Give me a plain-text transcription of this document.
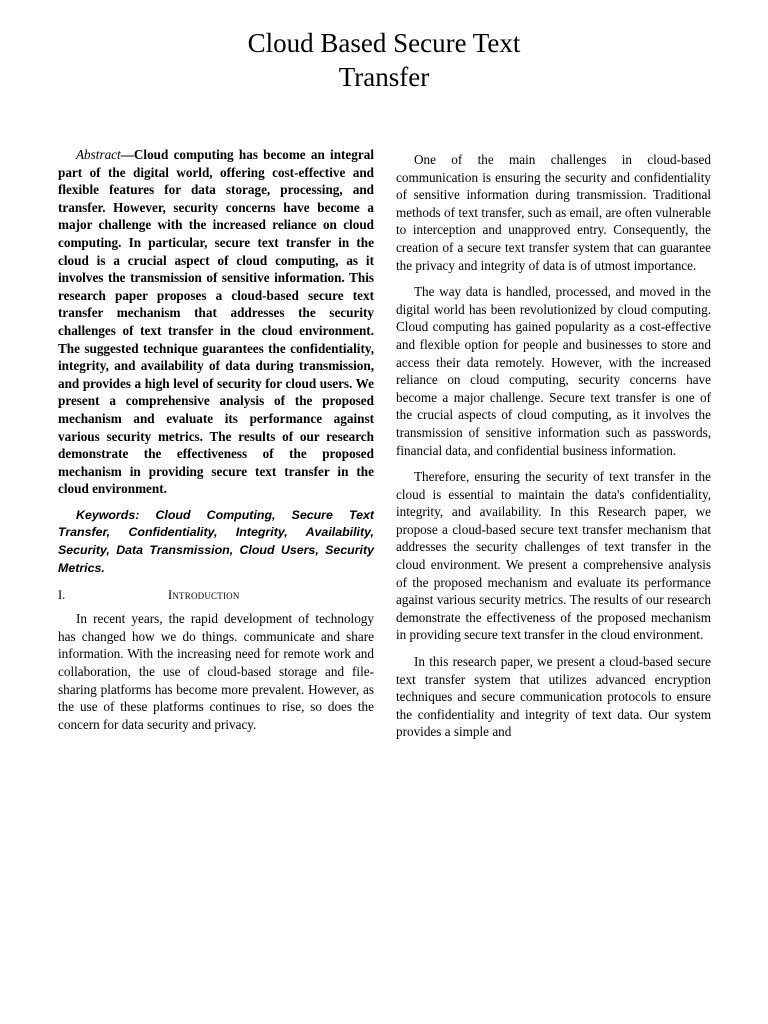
Cloud Based Secure Text
Transfer

Abstract—Cloud computing has become an integral part of the digital world, offering cost-effective and flexible features for data storage, processing, and transfer. However, security concerns have become a major challenge with the increased reliance on cloud computing. In particular, secure text transfer in the cloud is a crucial aspect of cloud computing, as it involves the transmission of sensitive information. This research paper proposes a cloud-based secure text transfer mechanism that addresses the security challenges of text transfer in the cloud environment. The suggested technique guarantees the confidentiality, integrity, and availability of data during transmission, and provides a high level of security for cloud users. We present a comprehensive analysis of the proposed mechanism and evaluate its performance against various security metrics. The results of our research demonstrate the effectiveness of the proposed mechanism in providing secure text transfer in the cloud environment.

Keywords: Cloud Computing, Secure Text Transfer, Confidentiality, Integrity, Availability, Security, Data Transmission, Cloud Users, Security Metrics.

I.	Introduction

In recent years, the rapid development of technology has changed how we do things. communicate and share information. With the increasing need for remote work and collaboration, the use of cloud-based storage and file-sharing platforms has become more prevalent. However, as the use of these platforms continues to rise, so does the concern for data security and privacy.

One of the main challenges in cloud-based communication is ensuring the security and confidentiality of sensitive information during transmission. Traditional methods of text transfer, such as email, are often vulnerable to interception and unapproved entry. Consequently, the creation of a secure text transfer system that can guarantee the privacy and integrity of data is of utmost importance.

The way data is handled, processed, and moved in the digital world has been revolutionized by cloud computing. Cloud computing has gained popularity as a cost-effective and flexible option for people and businesses to store and access their data remotely. However, with the increased reliance on cloud computing, security concerns have become a major challenge. Secure text transfer is one of the crucial aspects of cloud computing, as it involves the transmission of sensitive information such as passwords, financial data, and confidential business information.

Therefore, ensuring the security of text transfer in the cloud is essential to maintain the data's confidentiality, integrity, and availability. In this Research paper, we propose a cloud-based secure text transfer mechanism that addresses the security challenges of text transfer in the cloud environment. We present a comprehensive analysis of the proposed mechanism and evaluate its performance against various security metrics. The results of our research demonstrate the effectiveness of the proposed mechanism in providing secure text transfer in the cloud environment.

In this research paper, we present a cloud-based secure text transfer system that utilizes advanced encryption techniques and secure communication protocols to ensure the confidentiality and integrity of text data. Our system provides a simple and
